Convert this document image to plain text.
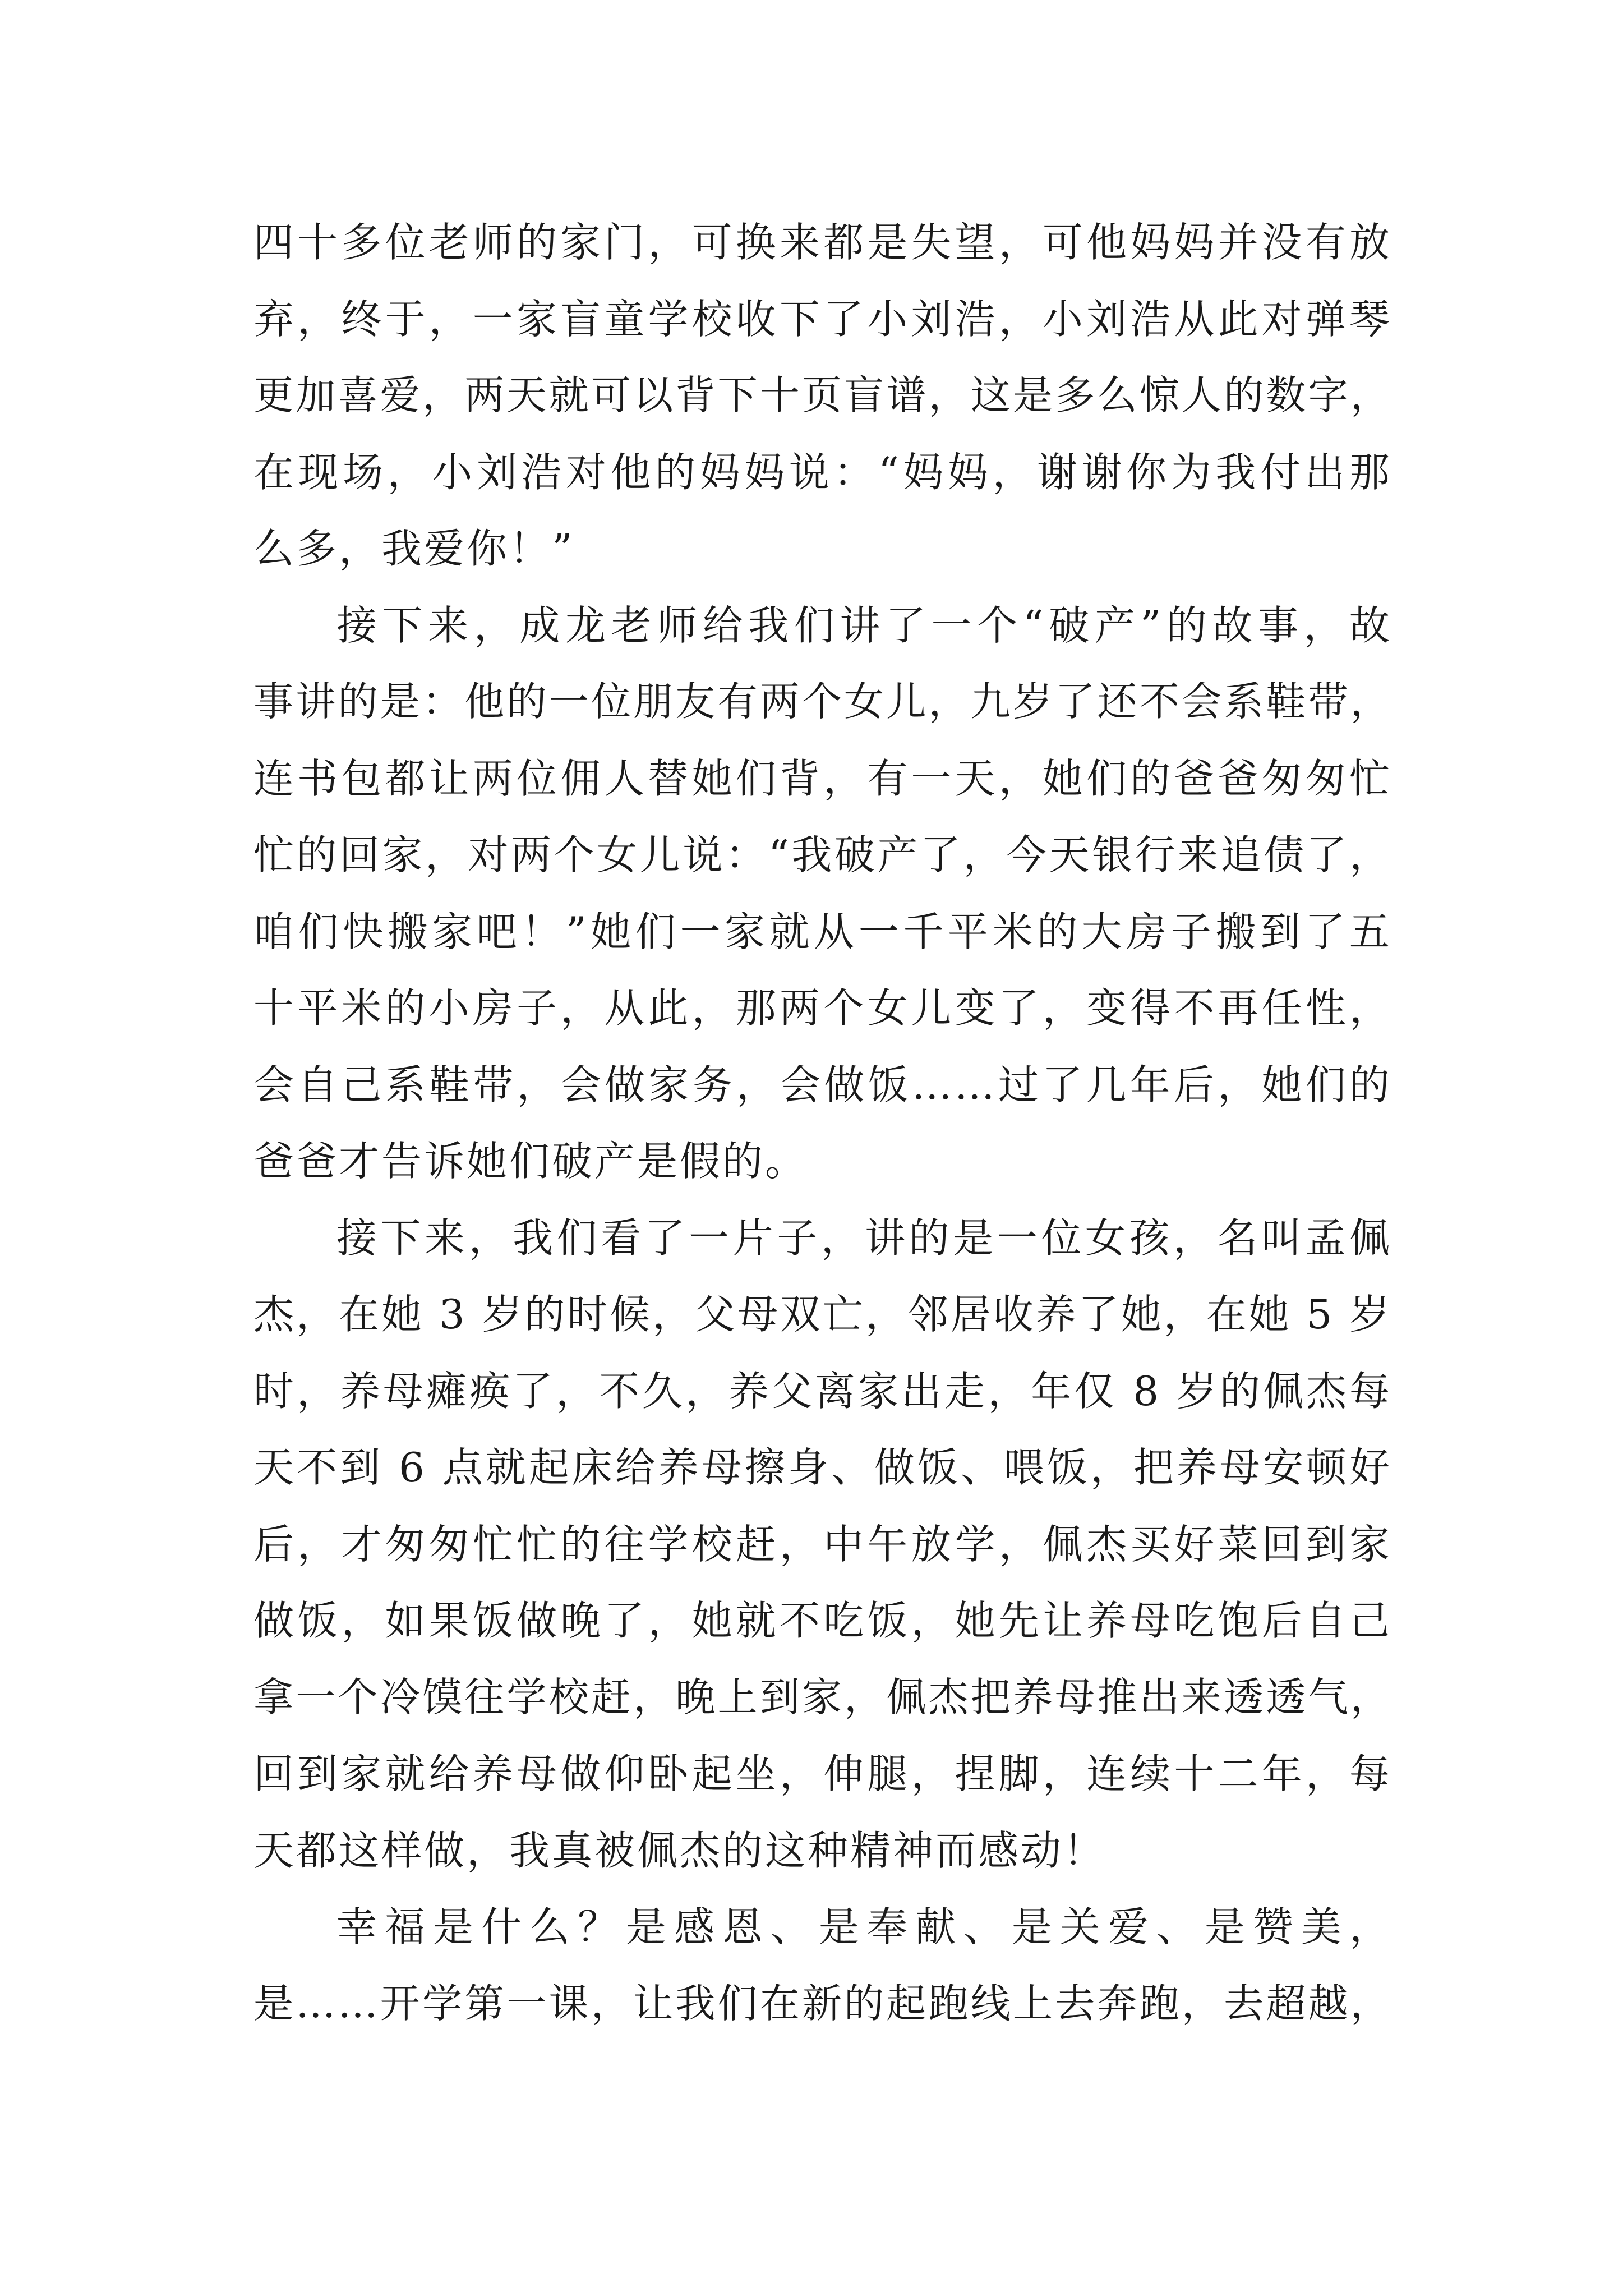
四十多位老师的家门，可换来都是失望，可他妈妈并没有放
弃，终于，一家盲童学校收下了小刘浩，小刘浩从此对弹琴
更加喜爱，两天就可以背下十页盲谱，这是多么惊人的数字，
在现场，小刘浩对他的妈妈说：“妈妈，谢谢你为我付出那
么多，我爱你！”
接下来，成龙老师给我们讲了一个“破产”的故事，故
事讲的是：他的一位朋友有两个女儿，九岁了还不会系鞋带，
连书包都让两位佣人替她们背，有一天，她们的爸爸匆匆忙
忙的回家，对两个女儿说：“我破产了，今天银行来追债了，
咱们快搬家吧！”她们一家就从一千平米的大房子搬到了五
十平米的小房子，从此，那两个女儿变了，变得不再任性，
会自己系鞋带，会做家务，会做饭……过了几年后，她们的
爸爸才告诉她们破产是假的。
接下来，我们看了一片子，讲的是一位女孩，名叫孟佩
杰，在她 3 岁的时候，父母双亡，邻居收养了她，在她 5 岁
时，养母瘫痪了，不久，养父离家出走，年仅 8 岁的佩杰每
天不到 6 点就起床给养母擦身、做饭、喂饭，把养母安顿好
后，才匆匆忙忙的往学校赶，中午放学，佩杰买好菜回到家
做饭，如果饭做晚了，她就不吃饭，她先让养母吃饱后自己
拿一个冷馍往学校赶，晚上到家，佩杰把养母推出来透透气，
回到家就给养母做仰卧起坐，伸腿，捏脚，连续十二年，每
天都这样做，我真被佩杰的这种精神而感动！
幸福是什么？是感恩、是奉献、是关爱、是赞美，
是……开学第一课，让我们在新的起跑线上去奔跑，去超越，
